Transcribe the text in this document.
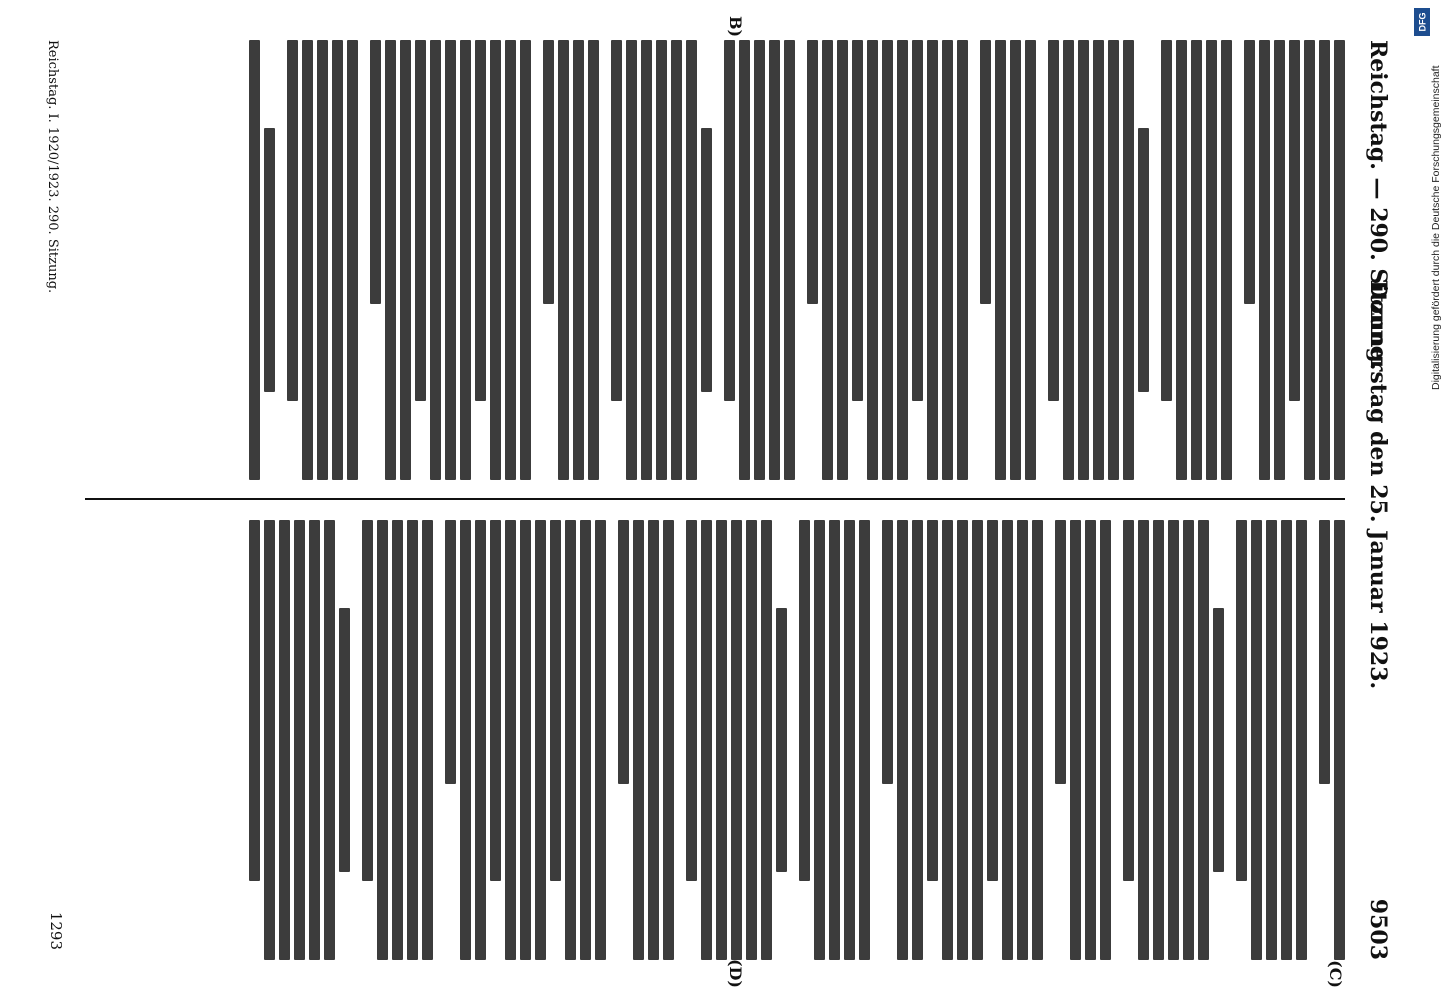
Reichstag. — 290. Sitzung.
Donnerstag den 25. Januar 1923.
9503
(C)
(D)
B)
Reichstag. I. 1920/1923. 290. Sitzung.
1293
Digitalisierung gefördert durch die Deutsche Forschungsgemeinschaft
DFG
